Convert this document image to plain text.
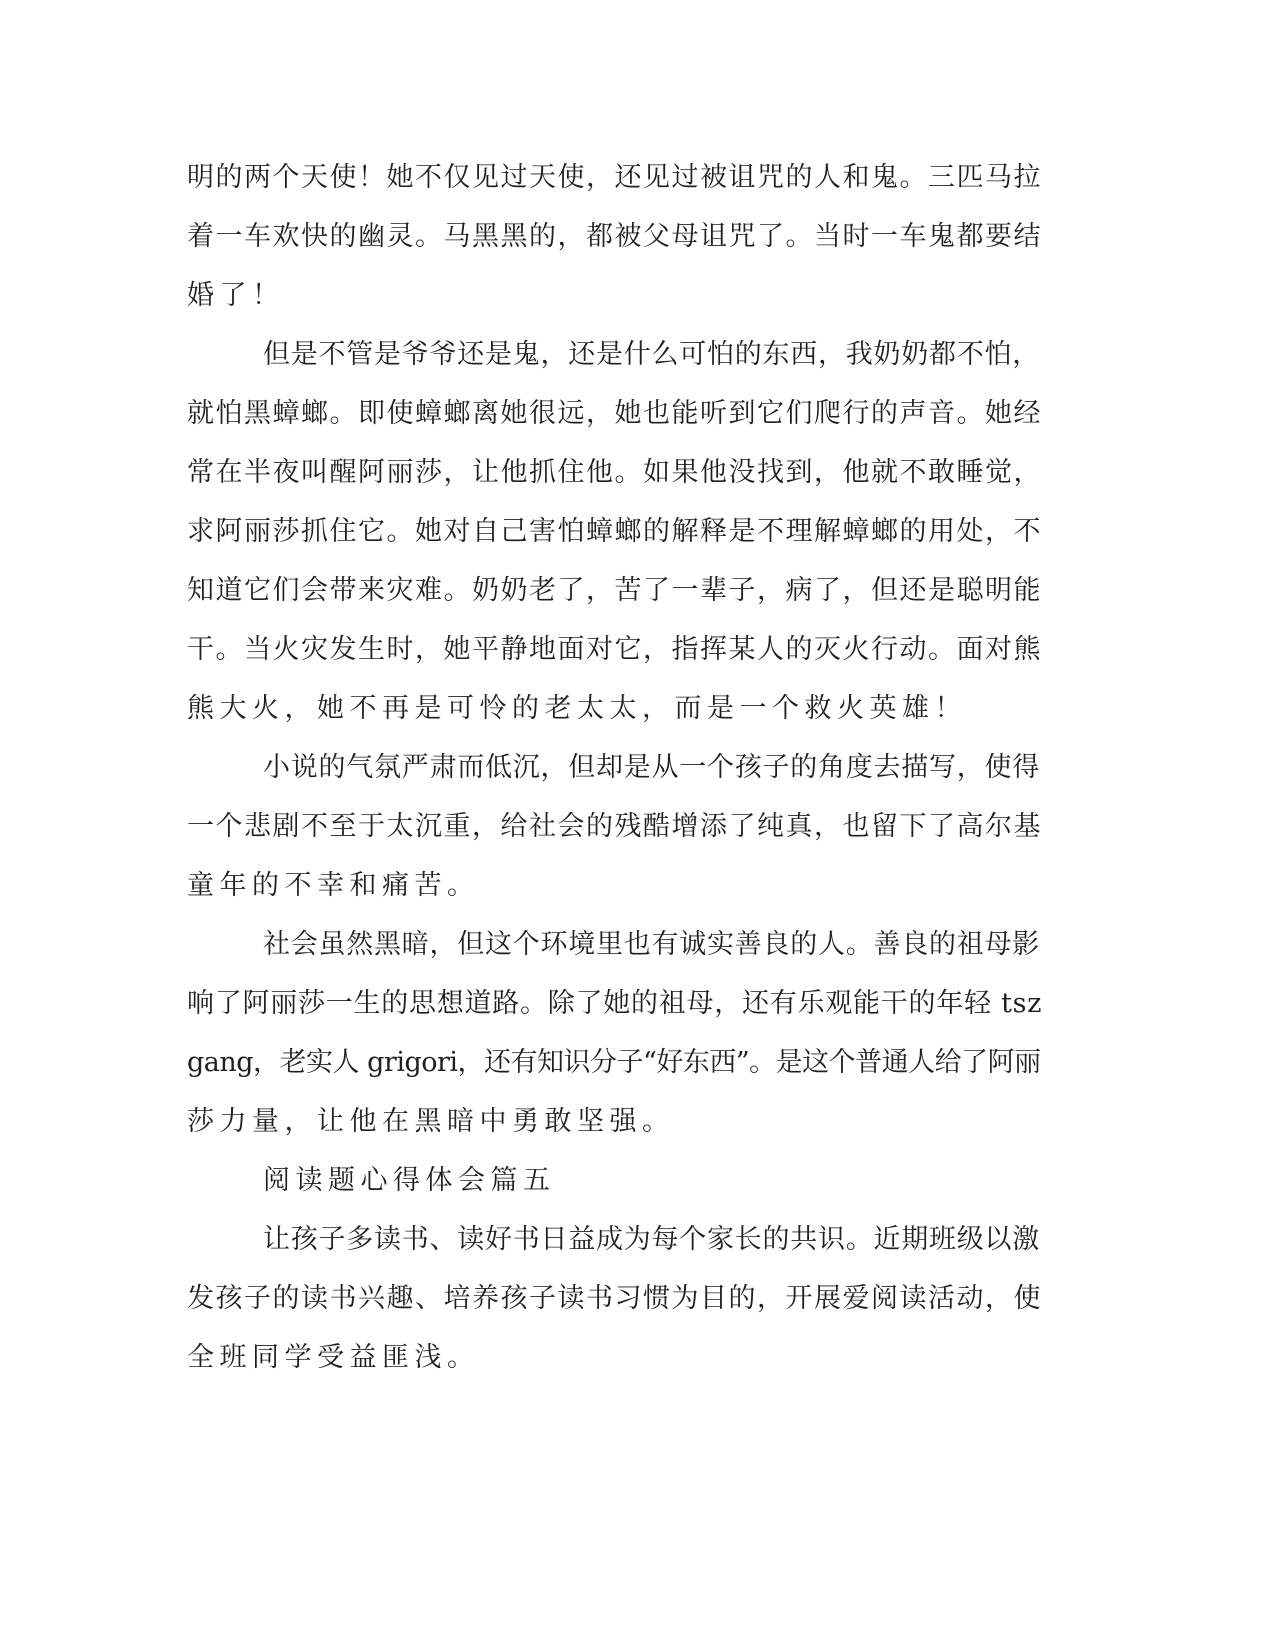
明的两个天使！她不仅见过天使，还见过被诅咒的人和鬼。三匹马拉
着一车欢快的幽灵。马黑黑的，都被父母诅咒了。当时一车鬼都要结
婚了！
但是不管是爷爷还是鬼，还是什么可怕的东西，我奶奶都不怕，
就怕黑蟑螂。即使蟑螂离她很远，她也能听到它们爬行的声音。她经
常在半夜叫醒阿丽莎，让他抓住他。如果他没找到，他就不敢睡觉，
求阿丽莎抓住它。她对自己害怕蟑螂的解释是不理解蟑螂的用处，不
知道它们会带来灾难。奶奶老了，苦了一辈子，病了，但还是聪明能
干。当火灾发生时，她平静地面对它，指挥某人的灭火行动。面对熊
熊大火，她不再是可怜的老太太，而是一个救火英雄！
小说的气氛严肃而低沉，但却是从一个孩子的角度去描写，使得
一个悲剧不至于太沉重，给社会的残酷增添了纯真，也留下了高尔基
童年的不幸和痛苦。
社会虽然黑暗，但这个环境里也有诚实善良的人。善良的祖母影
响了阿丽莎一生的思想道路。除了她的祖母，还有乐观能干的年轻 tsz
gang，老实人 grigori，还有知识分子“好东西”。是这个普通人给了阿丽
莎力量，让他在黑暗中勇敢坚强。
阅读题心得体会篇五
让孩子多读书、读好书日益成为每个家长的共识。近期班级以激
发孩子的读书兴趣、培养孩子读书习惯为目的，开展爱阅读活动，使
全班同学受益匪浅。
